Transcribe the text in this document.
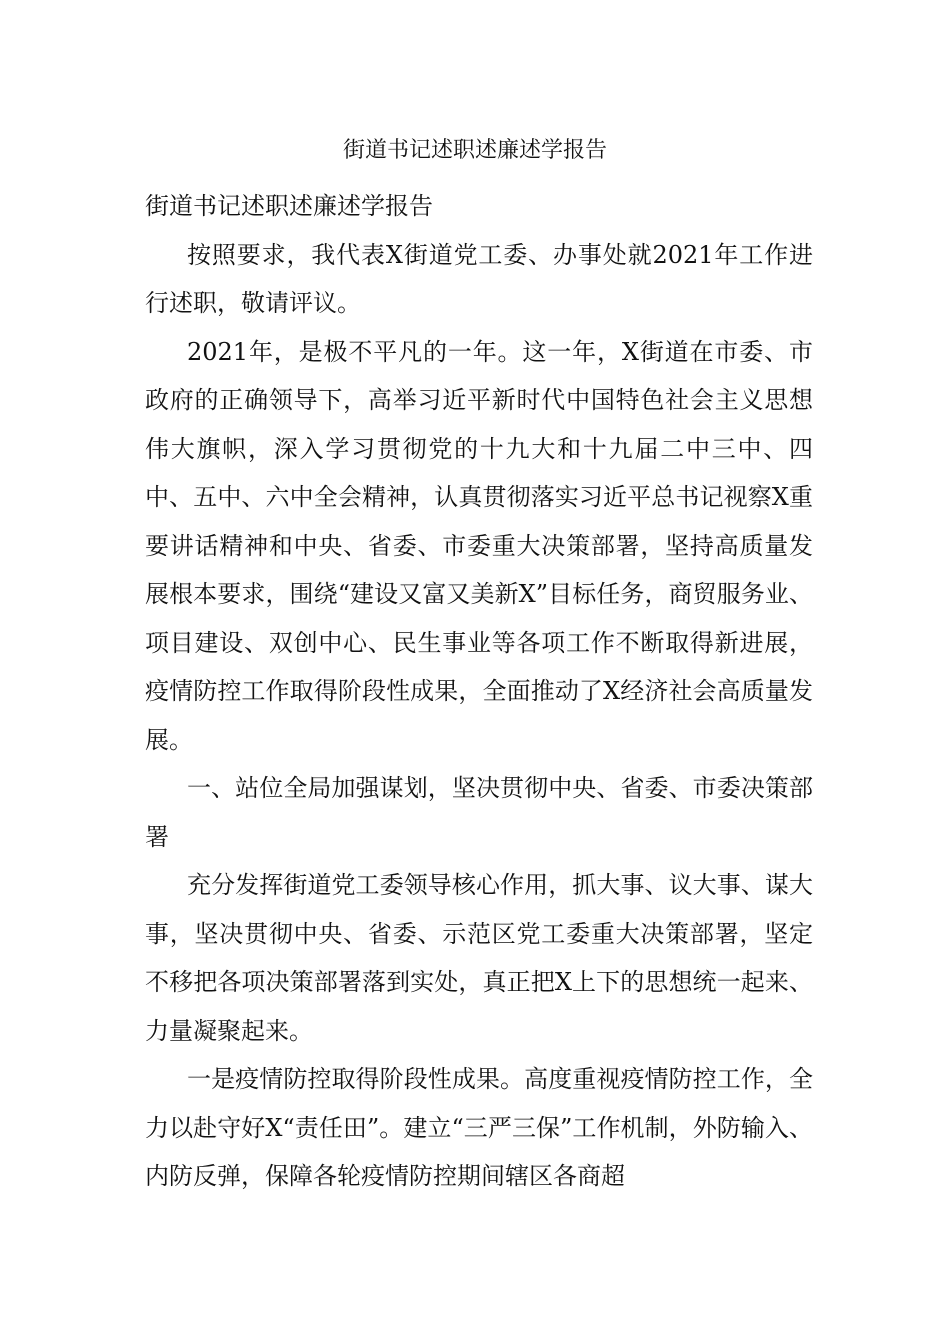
街道书记述职述廉述学报告

街道书记述职述廉述学报告

按照要求，我代表X街道党工委、办事处就2021年工作进行述职，敬请评议。

2021年，是极不平凡的一年。这一年，X街道在市委、市政府的正确领导下，高举习近平新时代中国特色社会主义思想伟大旗帜，深入学习贯彻党的十九大和十九届二中三中、四中、五中、六中全会精神，认真贯彻落实习近平总书记视察X重要讲话精神和中央、省委、市委重大决策部署，坚持高质量发展根本要求，围绕“建设又富又美新X”目标任务，商贸服务业、项目建设、双创中心、民生事业等各项工作不断取得新进展，疫情防控工作取得阶段性成果，全面推动了X经济社会高质量发展。

一、站位全局加强谋划，坚决贯彻中央、省委、市委决策部署

充分发挥街道党工委领导核心作用，抓大事、议大事、谋大事，坚决贯彻中央、省委、示范区党工委重大决策部署，坚定不移把各项决策部署落到实处，真正把X上下的思想统一起来、力量凝聚起来。

一是疫情防控取得阶段性成果。高度重视疫情防控工作，全力以赴守好X“责任田”。建立“三严三保”工作机制，外防输入、内防反弹，保障各轮疫情防控期间辖区各商超
